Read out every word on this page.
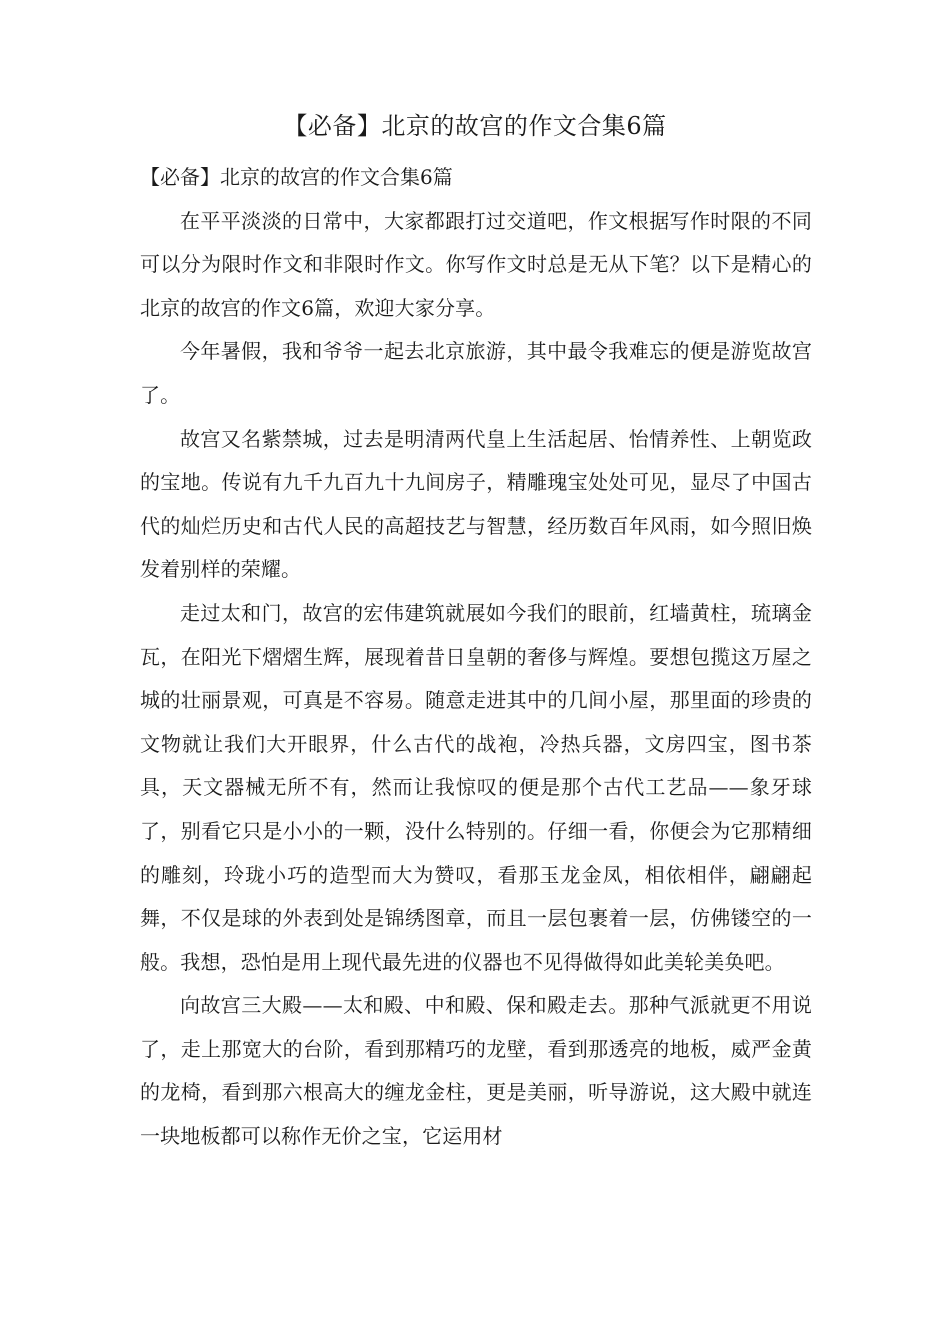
【必备】北京的故宫的作文合集6篇

【必备】北京的故宫的作文合集6篇

在平平淡淡的日常中，大家都跟打过交道吧，作文根据写作时限的不同可以分为限时作文和非限时作文。你写作文时总是无从下笔？以下是精心的北京的故宫的作文6篇，欢迎大家分享。

今年暑假，我和爷爷一起去北京旅游，其中最令我难忘的便是游览故宫了。

故宫又名紫禁城，过去是明清两代皇上生活起居、怡情养性、上朝览政的宝地。传说有九千九百九十九间房子，精雕瑰宝处处可见，显尽了中国古代的灿烂历史和古代人民的高超技艺与智慧，经历数百年风雨，如今照旧焕发着别样的荣耀。

走过太和门，故宫的宏伟建筑就展如今我们的眼前，红墙黄柱，琉璃金瓦，在阳光下熠熠生辉，展现着昔日皇朝的奢侈与辉煌。要想包揽这万屋之城的壮丽景观，可真是不容易。随意走进其中的几间小屋，那里面的珍贵的文物就让我们大开眼界，什么古代的战袍，冷热兵器，文房四宝，图书茶具，天文器械无所不有，然而让我惊叹的便是那个古代工艺品——象牙球了，别看它只是小小的一颗，没什么特别的。仔细一看，你便会为它那精细的雕刻，玲珑小巧的造型而大为赞叹，看那玉龙金凤，相依相伴，翩翩起舞，不仅是球的外表到处是锦绣图章，而且一层包裹着一层，仿佛镂空的一般。我想，恐怕是用上现代最先进的仪器也不见得做得如此美轮美奂吧。

向故宫三大殿——太和殿、中和殿、保和殿走去。那种气派就更不用说了，走上那宽大的台阶，看到那精巧的龙壁，看到那透亮的地板，威严金黄的龙椅，看到那六根高大的缠龙金柱，更是美丽，听导游说，这大殿中就连一块地板都可以称作无价之宝，它运用材
